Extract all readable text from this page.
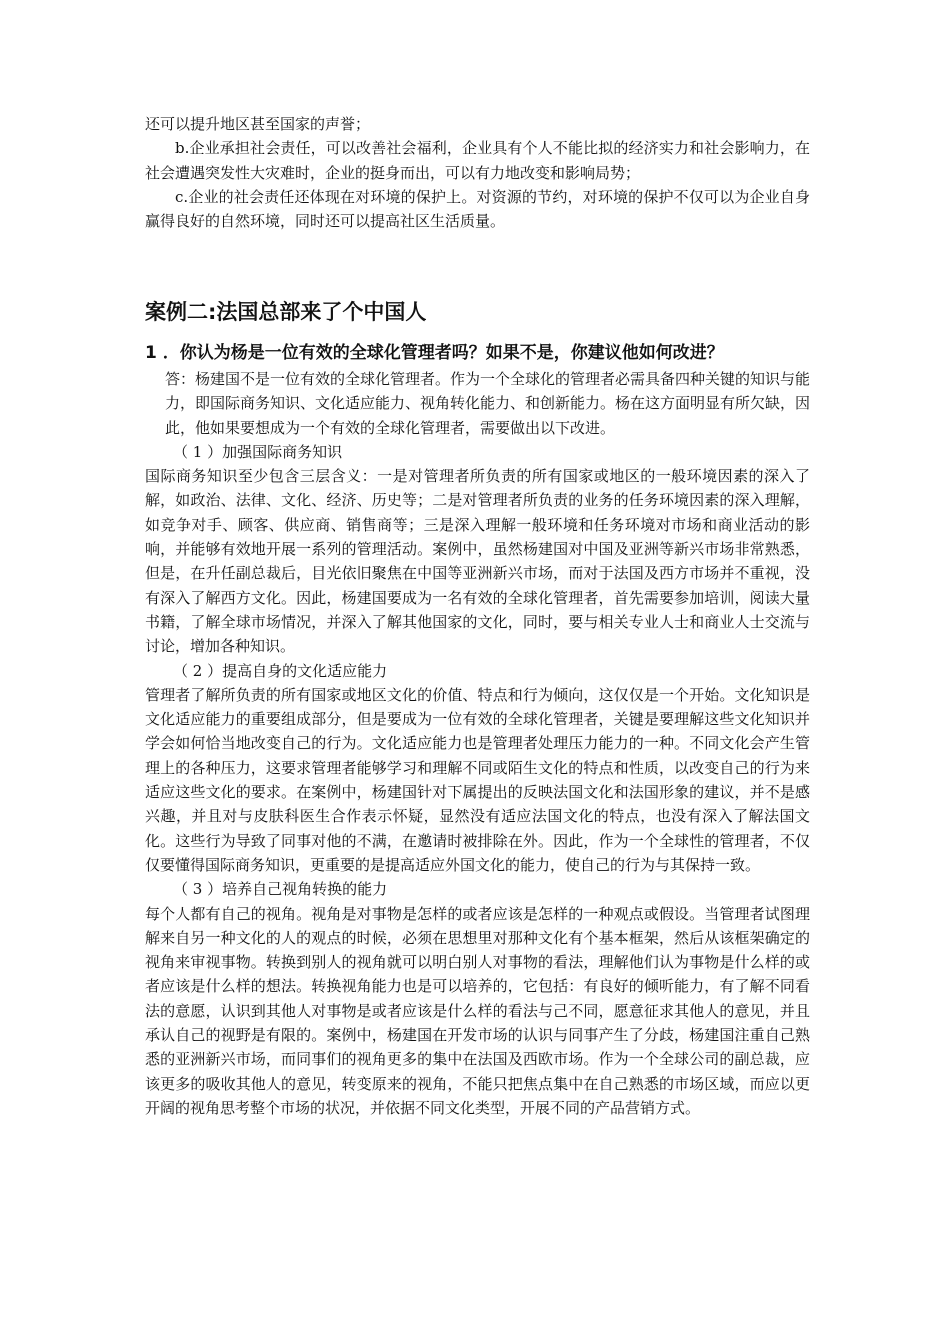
还可以提升地区甚至国家的声誉；

b.企业承担社会责任，可以改善社会福利，企业具有个人不能比拟的经济实力和社会影响力，在社会遭遇突发性大灾难时，企业的挺身而出，可以有力地改变和影响局势；

c.企业的社会责任还体现在对环境的保护上。对资源的节约，对环境的保护不仅可以为企业自身赢得良好的自然环境，同时还可以提高社区生活质量。

案例二:法国总部来了个中国人
1 ．你认为杨是一位有效的全球化管理者吗？如果不是，你建议他如何改进？

答：杨建国不是一位有效的全球化管理者。作为一个全球化的管理者必需具备四种关键的知识与能力，即国际商务知识、文化适应能力、视角转化能力、和创新能力。杨在这方面明显有所欠缺，因此，他如果要想成为一个有效的全球化管理者，需要做出以下改进。

（ 1 ）加强国际商务知识

国际商务知识至少包含三层含义：一是对管理者所负责的所有国家或地区的一般环境因素的深入了解，如政治、法律、文化、经济、历史等；二是对管理者所负责的业务的任务环境因素的深入理解，如竞争对手、顾客、供应商、销售商等；三是深入理解一般环境和任务环境对市场和商业活动的影响，并能够有效地开展一系列的管理活动。案例中，虽然杨建国对中国及亚洲等新兴市场非常熟悉，但是，在升任副总裁后，目光依旧聚焦在中国等亚洲新兴市场，而对于法国及西方市场并不重视，没有深入了解西方文化。因此，杨建国要成为一名有效的全球化管理者，首先需要参加培训，阅读大量书籍，了解全球市场情况，并深入了解其他国家的文化，同时，要与相关专业人士和商业人士交流与讨论，增加各种知识。

（ 2 ）提高自身的文化适应能力

管理者了解所负责的所有国家或地区文化的价值、特点和行为倾向，这仅仅是一个开始。文化知识是文化适应能力的重要组成部分，但是要成为一位有效的全球化管理者，关键是要理解这些文化知识并学会如何恰当地改变自己的行为。文化适应能力也是管理者处理压力能力的一种。不同文化会产生管理上的各种压力，这要求管理者能够学习和理解不同或陌生文化的特点和性质，以改变自己的行为来适应这些文化的要求。在案例中，杨建国针对下属提出的反映法国文化和法国形象的建议，并不是感兴趣，并且对与皮肤科医生合作表示怀疑，显然没有适应法国文化的特点，也没有深入了解法国文化。这些行为导致了同事对他的不满，在邀请时被排除在外。因此，作为一个全球性的管理者，不仅仅要懂得国际商务知识，更重要的是提高适应外国文化的能力，使自己的行为与其保持一致。

（ 3 ）培养自己视角转换的能力

每个人都有自己的视角。视角是对事物是怎样的或者应该是怎样的一种观点或假设。当管理者试图理解来自另一种文化的人的观点的时候，必须在思想里对那种文化有个基本框架，然后从该框架确定的视角来审视事物。转换到别人的视角就可以明白别人对事物的看法，理解他们认为事物是什么样的或者应该是什么样的想法。转换视角能力也是可以培养的，它包括：有良好的倾听能力，有了解不同看法的意愿，认识到其他人对事物是或者应该是什么样的看法与己不同，愿意征求其他人的意见，并且承认自己的视野是有限的。案例中，杨建国在开发市场的认识与同事产生了分歧，杨建国注重自己熟悉的亚洲新兴市场，而同事们的视角更多的集中在法国及西欧市场。作为一个全球公司的副总裁，应该更多的吸收其他人的意见，转变原来的视角，不能只把焦点集中在自己熟悉的市场区域，而应以更开阔的视角思考整个市场的状况，并依据不同文化类型，开展不同的产品营销方式。
